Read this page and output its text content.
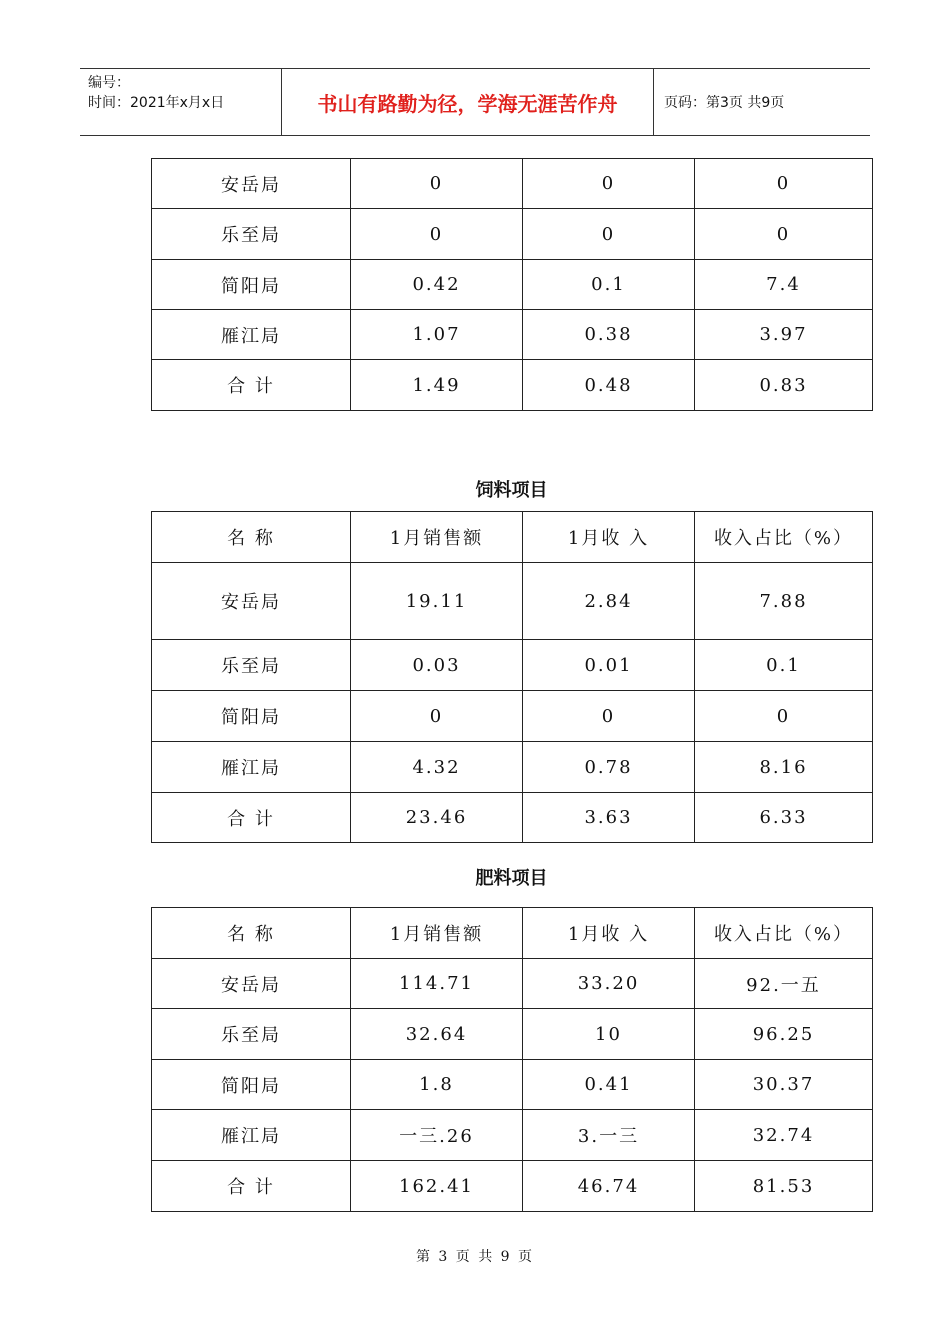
编号：
时间：2021年x月x日	书山有路勤为径，学海无涯苦作舟	页码：第3页 共9页
安岳局	0	0	0
乐至局	0	0	0
简阳局	0.42	0.1	7.4
雁江局	1.07	0.38	3.97
合 计	1.49	0.48	0.83
饲料项目
名 称	1月销售额	1月收 入	收入占比（%）
安岳局	19.11	2.84	7.88
乐至局	0.03	0.01	0.1
简阳局	0	0	0
雁江局	4.32	0.78	8.16
合 计	23.46	3.63	6.33
肥料项目
名 称	1月销售额	1月收 入	收入占比（%）
安岳局	114.71	33.20	92.一五
乐至局	32.64	10	96.25
简阳局	1.8	0.41	30.37
雁江局	一三.26	3.一三	32.74
合 计	162.41	46.74	81.53
第 3 页 共 9 页
